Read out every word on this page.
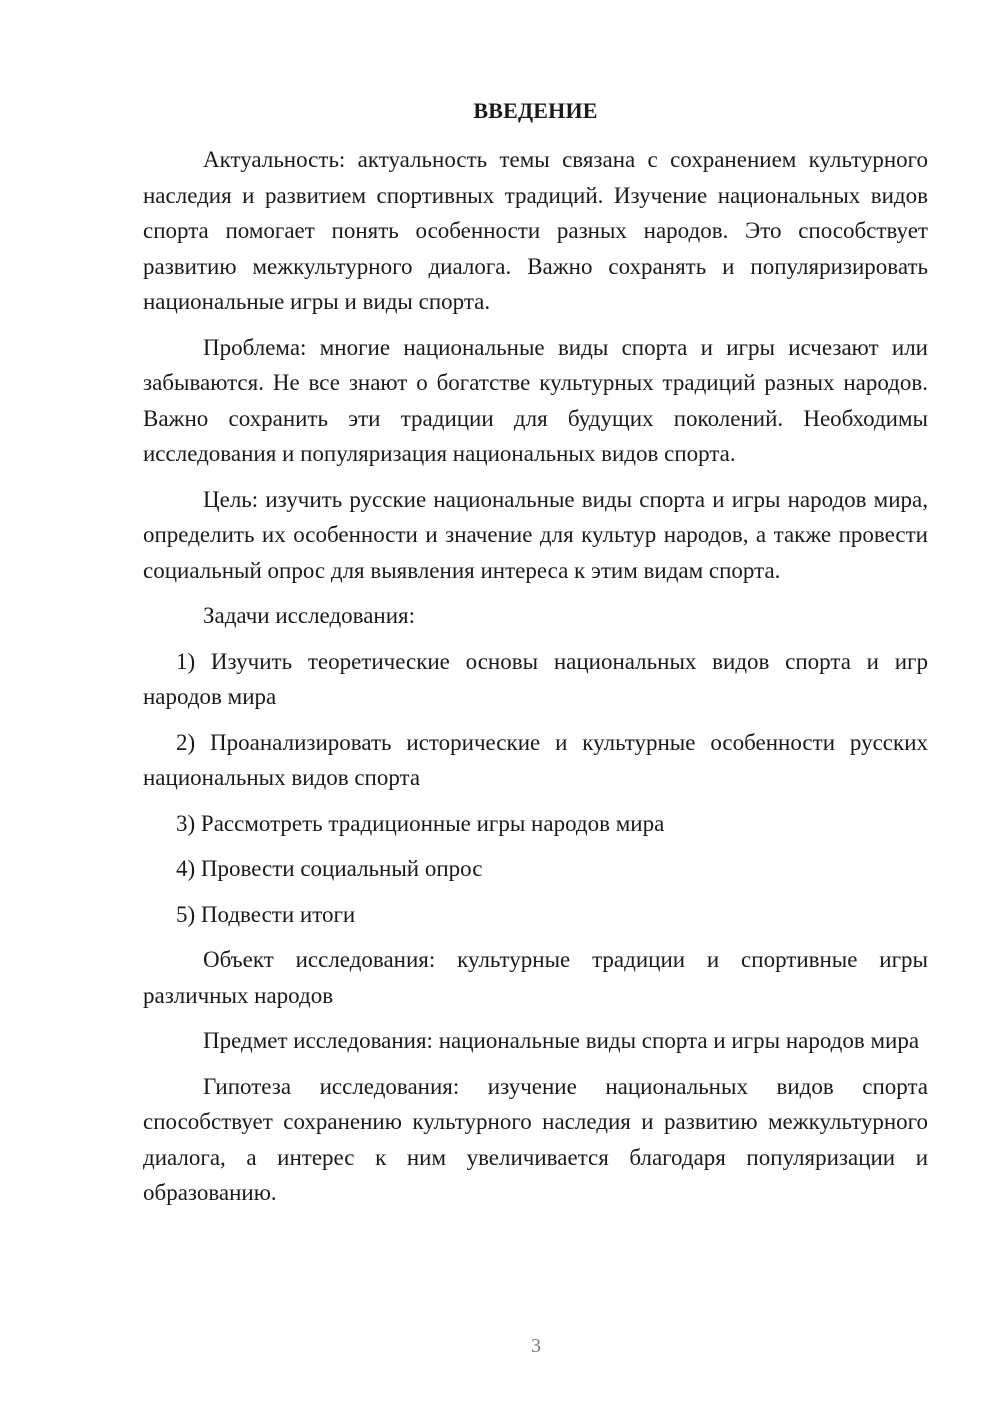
ВВЕДЕНИЕ

Актуальность: актуальность темы связана с сохранением культурного наследия и развитием спортивных традиций. Изучение национальных видов спорта помогает понять особенности разных народов. Это способствует развитию межкультурного диалога. Важно сохранять и популяризировать национальные игры и виды спорта.

Проблема: многие национальные виды спорта и игры исчезают или забываются. Не все знают о богатстве культурных традиций разных народов. Важно сохранить эти традиции для будущих поколений. Необходимы исследования и популяризация национальных видов спорта.

Цель: изучить русские национальные виды спорта и игры народов мира, определить их особенности и значение для культур народов, а также провести социальный опрос для выявления интереса к этим видам спорта.

Задачи исследования:

1) Изучить теоретические основы национальных видов спорта и игр народов мира

2) Проанализировать исторические и культурные особенности русских национальных видов спорта

3) Рассмотреть традиционные игры народов мира

4) Провести социальный опрос

5) Подвести итоги

Объект исследования: культурные традиции и спортивные игры различных народов

Предмет исследования: национальные виды спорта и игры народов мира

Гипотеза исследования: изучение национальных видов спорта способствует сохранению культурного наследия и развитию межкультурного диалога, а интерес к ним увеличивается благодаря популяризации и образованию.

3
